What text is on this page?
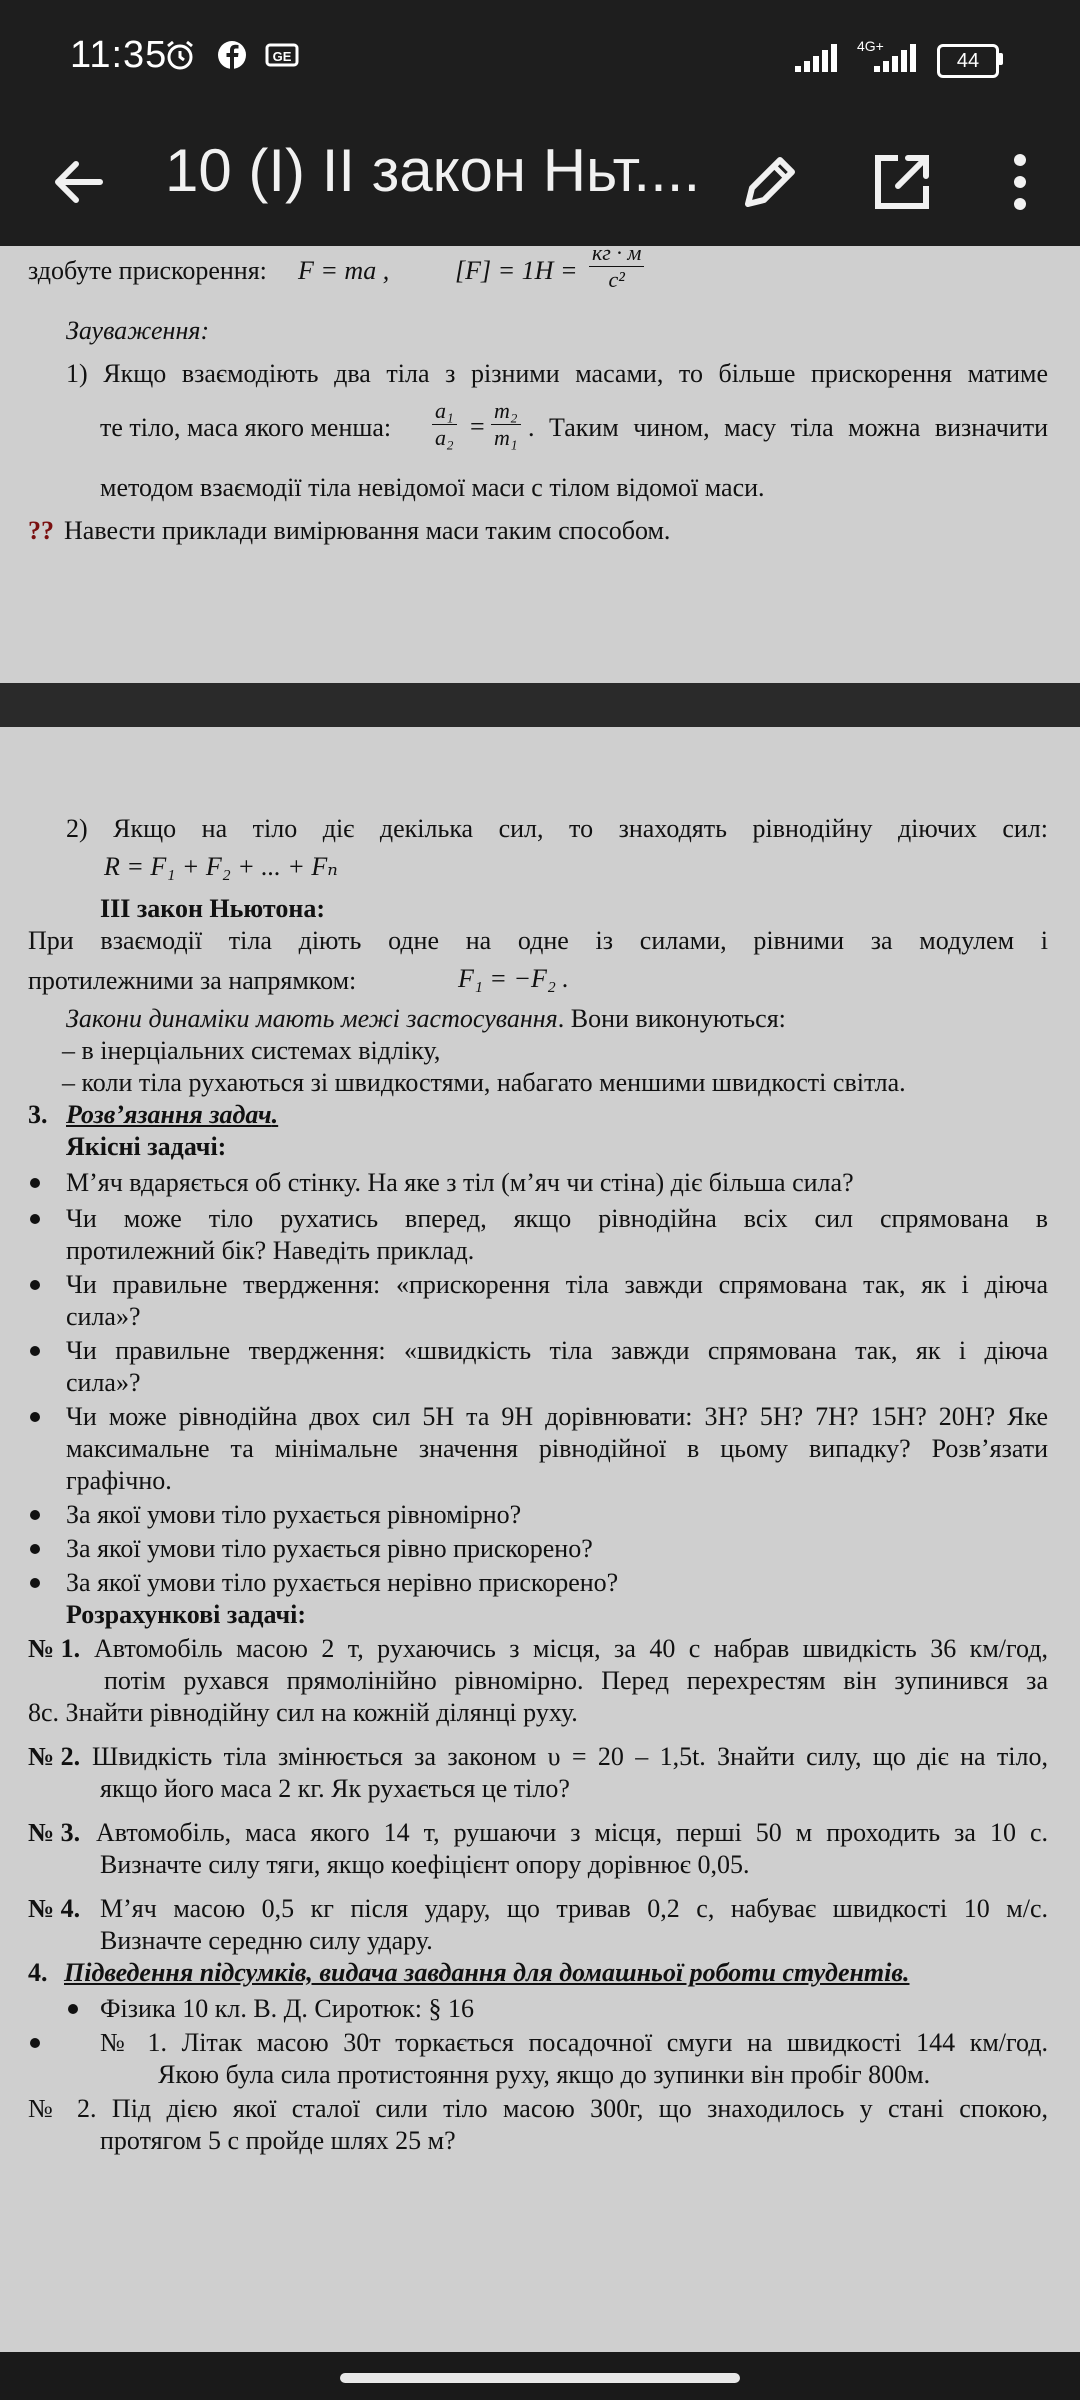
11:35	GE
4G+
44
10 (I) II закон Ньт....
здобуте прискорення: F = ma ,	[F] = 1H =
кг · м
с²
Зауваження:
1) Якщо взаємодіють два тіла з різними масами, то більше прискорення матиме
те тіло, маса якого менша: $\frac{\text{a₁}}{\text{a₂}} = \frac{\text{m₂}}{\text{m₁}}$ . Таким чином, масу тіла можна визначити
методом взаємодії тіла невідомої маси с тілом відомої маси.
?? Навести приклади вимірювання маси таким способом.
2) Якщо на тіло діє декілька сил, то знаходять рівнодійну діючих сил:
R = F₁ + F₂ + ... + Fₙ
III закон Ньютона:
При взаємодії тіла діють одне на одне із силами, рівними за модулем і
протилежними за напрямком:	F₁ = −F₂ .
Закони динаміки мають межі застосування. Вони виконуються:
– в інерціальних системах відліку,
– коли тіла рухаються зі швидкостями, набагато меншими швидкості світла.
3. Розв’язання задач.
Якісні задачі:
М’яч вдаряється об стінку. На яке з тіл (м’яч чи стіна) діє більша сила?
Чи може тіло рухатись вперед, якщо рівнодійна всіх сил спрямована в
протилежний бік? Наведіть приклад.
Чи правильне твердження: «прискорення тіла завжди спрямована так, як і діюча
сила»?
Чи правильне твердження: «швидкість тіла завжди спрямована так, як і діюча
сила»?
Чи може рівнодійна двох сил 5Н та 9Н дорівнювати: 3Н? 5Н? 7Н? 15Н? 20Н? Яке
максимальне та мінімальне значення рівнодійної в цьому випадку? Розв’язати
графічно.
За якої умови тіло рухається рівномірно?
За якої умови тіло рухається рівно прискорено?
За якої умови тіло рухається нерівно прискорено?
Розрахункові задачі:
№ 1. Автомобіль масою 2 т, рухаючись з місця, за 40 с набрав швидкість 36 км/год,
потім рухався прямолінійно рівномірно. Перед перехрестям він зупинився за
8с. Знайти рівнодійну сил на кожній ділянці руху.
№ 2. Швидкість тіла змінюється за законом υ = 20 – 1,5t. Знайти силу, що діє на тіло,
якщо його маса 2 кг. Як рухається це тіло?
№ 3. Автомобіль, маса якого 14 т, рушаючи з місця, перші 50 м проходить за 10 с.
Визначте силу тяги, якщо коефіцієнт опору дорівнює 0,05.
№ 4. М’яч масою 0,5 кг після удару, що тривав 0,2 с, набуває швидкості 10 м/с.
Визначте середню силу удару.
4. Підведення підсумків, видача завдання для домашньої роботи студентів.
Фізика 10 кл. В. Д. Сиротюк: § 16
№ 1. Літак масою 30т торкається посадочної смуги на швидкості 144 км/год.
Якою була сила протистояння руху, якщо до зупинки він пробіг 800м.
№ 2. Під дією якої сталої сили тіло масою 300г, що знаходилось у стані спокою,
протягом 5 с пройде шлях 25 м?
